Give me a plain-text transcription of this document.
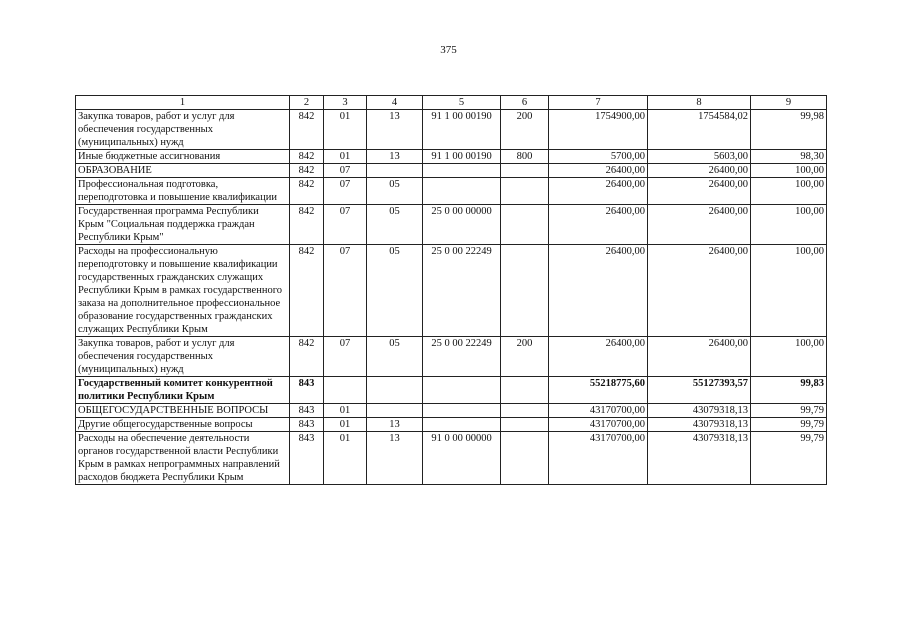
375
1	2	3	4	5	6	7	8	9
Закупка товаров, работ и услуг для обеспечения государственных (муниципальных) нужд	842	01	13	91 1 00 00190	200	1754900,00	1754584,02	99,98
Иные бюджетные ассигнования	842	01	13	91 1 00 00190	800	5700,00	5603,00	98,30
ОБРАЗОВАНИЕ	842	07				26400,00	26400,00	100,00
Профессиональная подготовка, переподготовка и повышение квалификации	842	07	05			26400,00	26400,00	100,00
Государственная программа Республики Крым "Социальная поддержка граждан Республики Крым"	842	07	05	25 0 00 00000		26400,00	26400,00	100,00
Расходы на профессиональную переподготовку и повышение квалификации государственных гражданских служащих Республики Крым в рамках государственного заказа на дополнительное профессиональное образование государственных гражданских служащих Республики Крым	842	07	05	25 0 00 22249		26400,00	26400,00	100,00
Закупка товаров, работ и услуг для обеспечения государственных (муниципальных) нужд	842	07	05	25 0 00 22249	200	26400,00	26400,00	100,00
Государственный комитет конкурентной политики Республики Крым	843					55218775,60	55127393,57	99,83
ОБЩЕГОСУДАРСТВЕННЫЕ ВОПРОСЫ	843	01				43170700,00	43079318,13	99,79
Другие общегосударственные вопросы	843	01	13			43170700,00	43079318,13	99,79
Расходы на обеспечение деятельности органов государственной власти Республики Крым в рамках непрограммных направлений расходов бюджета Республики Крым	843	01	13	91 0 00 00000		43170700,00	43079318,13	99,79
